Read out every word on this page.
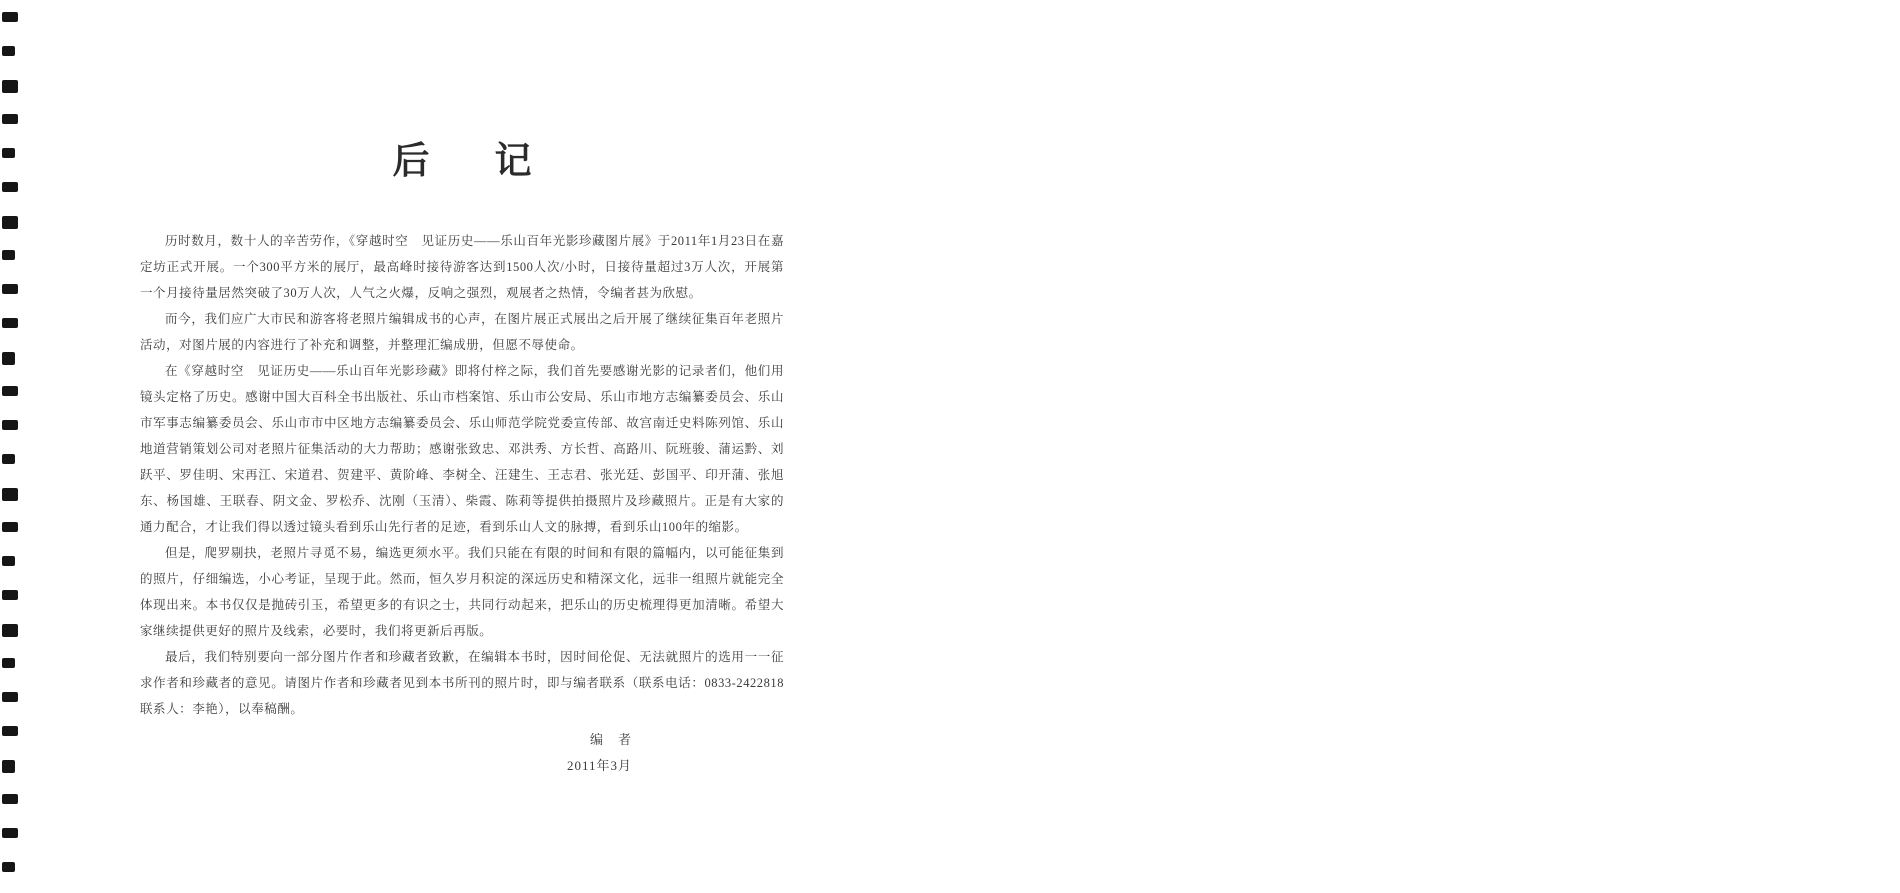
后　记

历时数月，数十人的辛苦劳作，《穿越时空　见证历史——乐山百年光影珍藏图片展》于2011年1月23日在嘉定坊正式开展。一个300平方米的展厅，最高峰时接待游客达到1500人次/小时，日接待量超过3万人次，开展第一个月接待量居然突破了30万人次，人气之火爆，反响之强烈，观展者之热情，令编者甚为欣慰。

而今，我们应广大市民和游客将老照片编辑成书的心声，在图片展正式展出之后开展了继续征集百年老照片活动，对图片展的内容进行了补充和调整，并整理汇编成册，但愿不辱使命。

在《穿越时空　见证历史——乐山百年光影珍藏》即将付梓之际，我们首先要感谢光影的记录者们，他们用镜头定格了历史。感谢中国大百科全书出版社、乐山市档案馆、乐山市公安局、乐山市地方志编纂委员会、乐山市军事志编纂委员会、乐山市市中区地方志编纂委员会、乐山师范学院党委宣传部、故宫南迁史料陈列馆、乐山地道营销策划公司对老照片征集活动的大力帮助；感谢张致忠、邓洪秀、方长哲、高路川、阮班骏、蒲运黔、刘跃平、罗佳明、宋再江、宋道君、贺建平、黄阶峰、李树全、汪建生、王志君、张光廷、彭国平、印开蒲、张旭东、杨国雄、王联春、阴文金、罗松乔、沈刚（玉清）、柴霞、陈莉等提供拍摄照片及珍藏照片。正是有大家的通力配合，才让我们得以透过镜头看到乐山先行者的足迹，看到乐山人文的脉搏，看到乐山100年的缩影。

但是，爬罗剔抉，老照片寻觅不易，编选更须水平。我们只能在有限的时间和有限的篇幅内，以可能征集到的照片，仔细编选，小心考证，呈现于此。然而，恒久岁月积淀的深远历史和精深文化，远非一组照片就能完全体现出来。本书仅仅是抛砖引玉，希望更多的有识之士，共同行动起来，把乐山的历史梳理得更加清晰。希望大家继续提供更好的照片及线索，必要时，我们将更新后再版。

最后，我们特别要向一部分图片作者和珍藏者致歉，在编辑本书时，因时间伦促、无法就照片的选用一一征求作者和珍藏者的意见。请图片作者和珍藏者见到本书所刊的照片时，即与编者联系（联系电话：0833-2422818　联系人：李艳），以奉稿酬。

编　者
2011年3月
